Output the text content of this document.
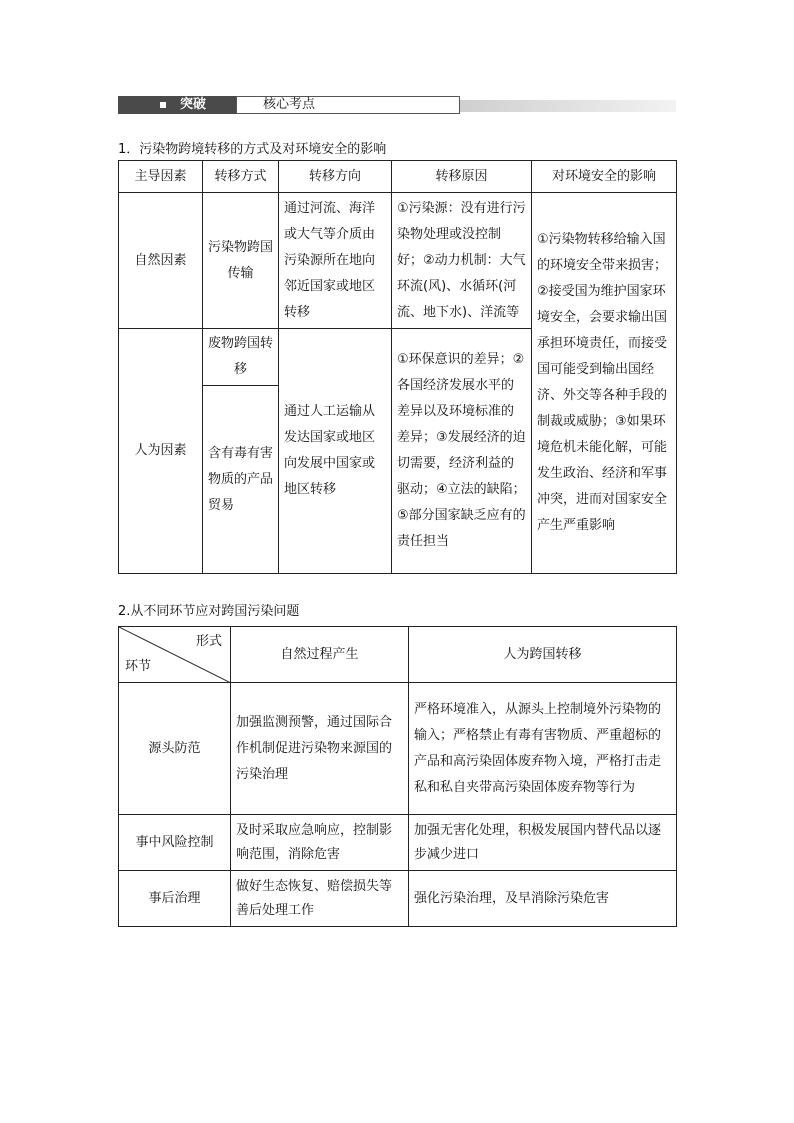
突破	核心考点
1．污染物跨境转移的方式及对环境安全的影响
主导因素	转移方式	转移方向	转移原因	对环境安全的影响
自然因素	污染物跨国传输	通过河流、海洋或大气等介质由污染源所在地向邻近国家或地区转移	①污染源：没有进行污染物处理或没控制好；②动力机制：大气环流(风)、水循环(河流、地下水)、洋流等	①污染物转移给输入国的环境安全带来损害；②接受国为维护国家环境安全，会要求输出国承担环境责任，而接受国可能受到输出国经济、外交等各种手段的制裁或威胁；③如果环境危机未能化解，可能发生政治、经济和军事冲突，进而对国家安全产生严重影响
人为因素	废物跨国转移	通过人工运输从发达国家或地区向发展中国家或地区转移	①环保意识的差异；②各国经济发展水平的差异以及环境标准的差异；③发展经济的迫切需要，经济利益的驱动；④立法的缺陷；⑤部分国家缺乏应有的责任担当	
	含有毒有害物质的产品贸易			
2.从不同环节应对跨国污染问题
形式
环节	自然过程产生	人为跨国转移
源头防范	加强监测预警，通过国际合作机制促进污染物来源国的污染治理	严格环境准入，从源头上控制境外污染物的输入；严格禁止有毒有害物质、严重超标的产品和高污染固体废弃物入境，严格打击走私和私自夹带高污染固体废弃物等行为
事中风险控制	及时采取应急响应，控制影响范围，消除危害	加强无害化处理，积极发展国内替代品以逐步减少进口
事后治理	做好生态恢复、赔偿损失等善后处理工作	强化污染治理，及早消除污染危害
